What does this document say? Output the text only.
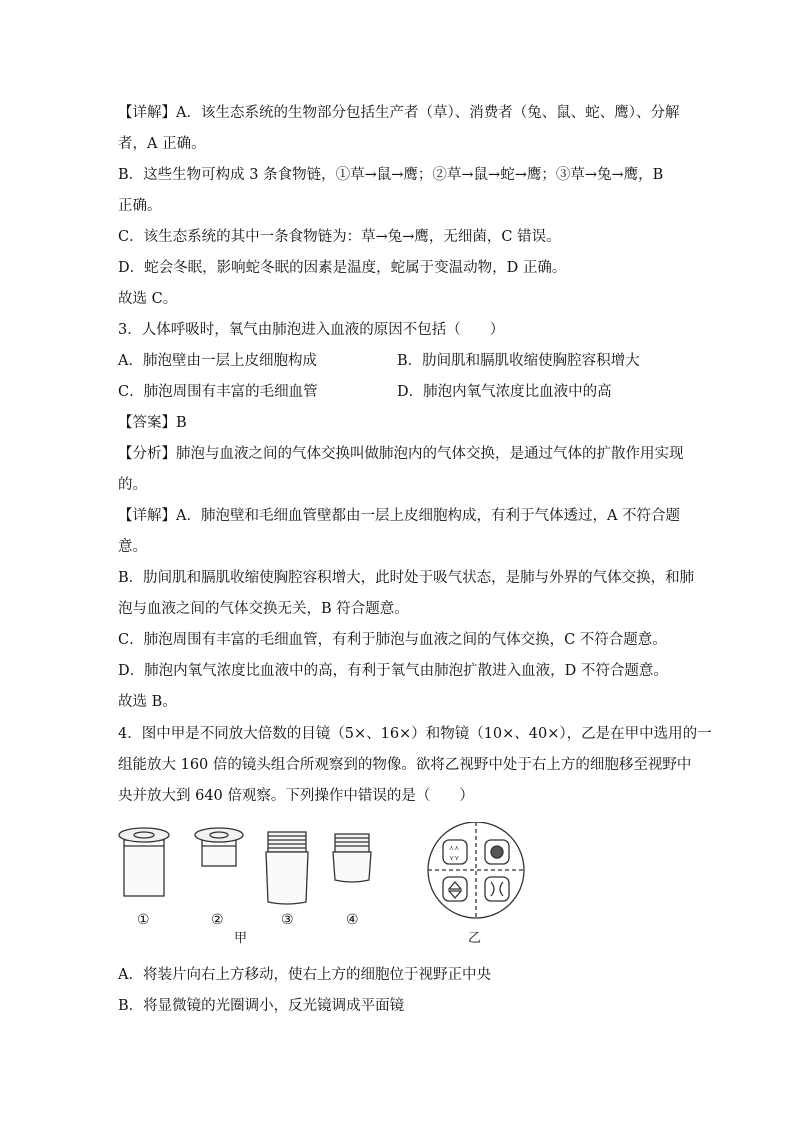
【详解】A．该生态系统的生物部分包括生产者（草）、消费者（兔、鼠、蛇、鹰）、分解
者，A 正确。
B．这些生物可构成 3 条食物链，①草→鼠→鹰；②草→鼠→蛇→鹰；③草→兔→鹰，B
正确。
C．该生态系统的其中一条食物链为：草→兔→鹰，无细菌，C 错误。
D．蛇会冬眠，影响蛇冬眠的因素是温度，蛇属于变温动物，D 正确。
故选 C。
3．人体呼吸时，氧气由肺泡进入血液的原因不包括（　　）
A．肺泡壁由一层上皮细胞构成	B．肋间肌和膈肌收缩使胸腔容积增大
C．肺泡周围有丰富的毛细血管	D．肺泡内氧气浓度比血液中的高
【答案】B
【分析】肺泡与血液之间的气体交换叫做肺泡内的气体交换，是通过气体的扩散作用实现
的。
【详解】A．肺泡壁和毛细血管壁都由一层上皮细胞构成，有利于气体透过，A 不符合题
意。
B．肋间肌和膈肌收缩使胸腔容积增大，此时处于吸气状态，是肺与外界的气体交换，和肺
泡与血液之间的气体交换无关，B 符合题意。
C．肺泡周围有丰富的毛细血管，有利于肺泡与血液之间的气体交换，C 不符合题意。
D．肺泡内氧气浓度比血液中的高，有利于氧气由肺泡扩散进入血液，D 不符合题意。
故选 B。
4．图中甲是不同放大倍数的目镜（5×、16×）和物镜（10×、40×），乙是在甲中选用的一
组能放大 160 倍的镜头组合所观察到的物像。欲将乙视野中处于右上方的细胞移至视野中
央并放大到 640 倍观察。下列操作中错误的是（　　）
⋏⋏
⋎⋎
①	②	③	④
甲	乙
A．将装片向右上方移动，使右上方的细胞位于视野正中央
B．将显微镜的光圈调小，反光镜调成平面镜
